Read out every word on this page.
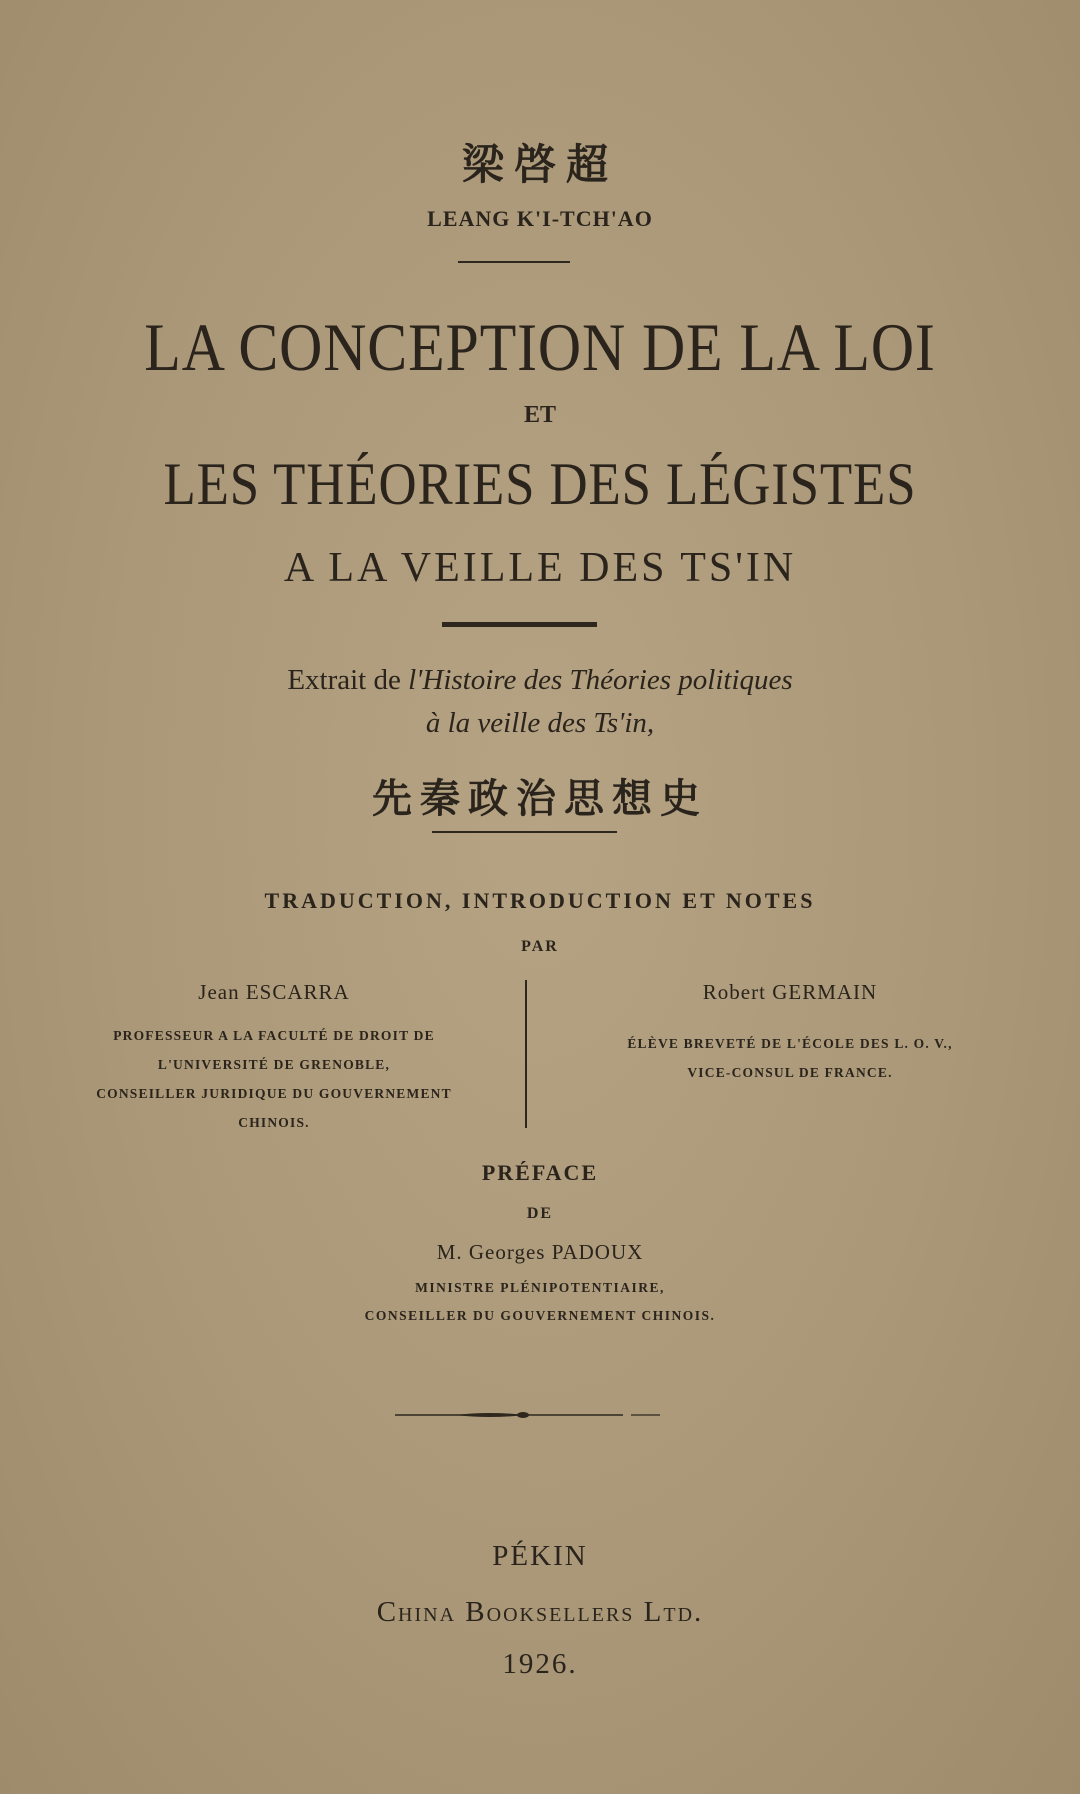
梁啓超
LEANG K'I-TCH'AO
LA CONCEPTION DE LA LOI
ET
LES THÉORIES DES LÉGISTES
A LA VEILLE DES TS'IN
Extrait de l'Histoire des Théories politiques
à la veille des Ts'in,
先秦政治思想史
TRADUCTION, INTRODUCTION ET NOTES
PAR
Jean ESCARRA
PROFESSEUR A LA FACULTÉ DE DROIT DE
L'UNIVERSITÉ DE GRENOBLE,
CONSEILLER JURIDIQUE DU GOUVERNEMENT
CHINOIS.
Robert GERMAIN
ÉLÈVE BREVETÉ DE L'ÉCOLE DES L. O. V.,
VICE-CONSUL DE FRANCE.
PRÉFACE
DE
M. Georges PADOUX
MINISTRE PLÉNIPOTENTIAIRE,
CONSEILLER DU GOUVERNEMENT CHINOIS.
PÉKIN
China Booksellers Ltd.
1926.
